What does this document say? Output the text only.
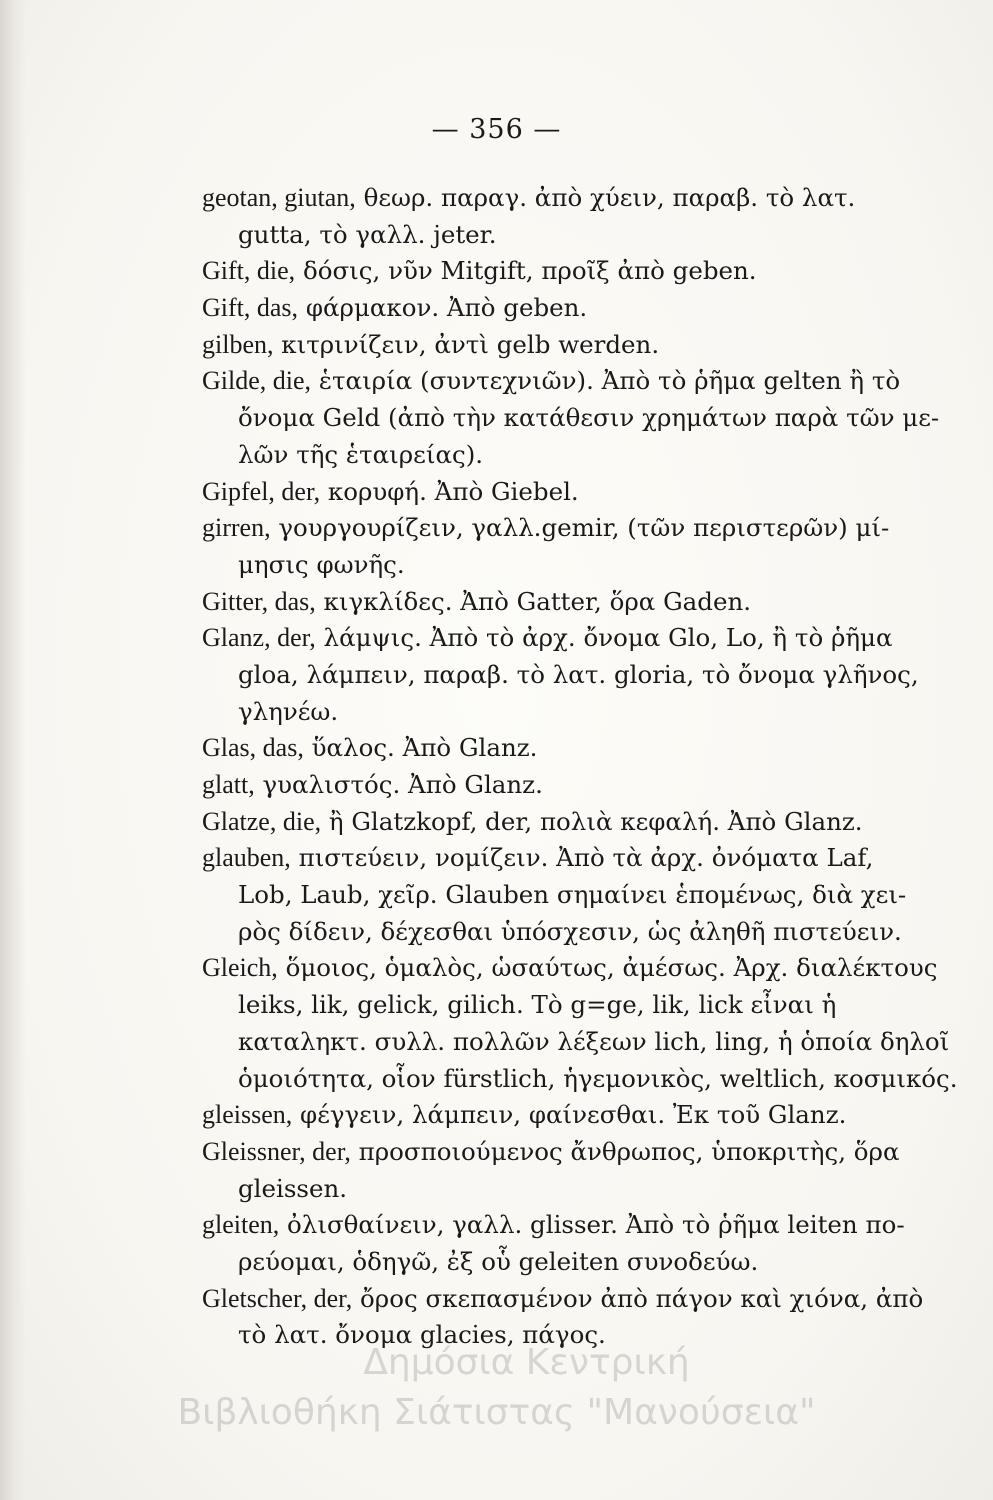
— 356 —
geotan, giutan, θεωρ. παραγ. ἀπὸ χύειν, παραβ. τὸ λατ.
gutta, τὸ γαλλ. jeter.
Gift, die, δόσις, νῦν Mitgift, προῖξ ἀπὸ geben.
Gift, das, φάρμακον. Ἀπὸ geben.
gilben, κιτρινίζειν, ἀντὶ gelb werden.
Gilde, die, ἑταιρία (συντεχνιῶν). Ἀπὸ τὸ ῥῆμα gelten ἢ τὸ
ὄνομα Geld (ἀπὸ τὴν κατάθεσιν χρημάτων παρὰ τῶν με-
λῶν τῆς ἑταιρείας).
Gipfel, der, κορυφή. Ἀπὸ Giebel.
girren, γουργουρίζειν, γαλλ.gemir, (τῶν περιστερῶν) μί-
μησις φωνῆς.
Gitter, das, κιγκλίδες. Ἀπὸ Gatter, ὅρα Gaden.
Glanz, der, λάμψις. Ἀπὸ τὸ ἀρχ. ὄνομα Glo, Lo, ἢ τὸ ῥῆμα
gloa, λάμπειν, παραβ. τὸ λατ. gloria, τὸ ὄνομα γλῆνος,
γληνέω.
Glas, das, ὕαλος. Ἀπὸ Glanz.
glatt, γυαλιστός. Ἀπὸ Glanz.
Glatze, die, ἢ Glatzkopf, der, πολιὰ κεφαλή. Ἀπὸ Glanz.
glauben, πιστεύειν, νομίζειν. Ἀπὸ τὰ ἀρχ. ὀνόματα Laf,
Lob, Laub, χεῖρ. Glauben σημαίνει ἑπομένως, διὰ χει-
ρὸς δίδειν, δέχεσθαι ὑπόσχεσιν, ὡς ἀληθῆ πιστεύειν.
Gleich, ὅμοιος, ὁμαλὸς, ὡσαύτως, ἀμέσως. Ἀρχ. διαλέκτους
leiks, lik, gelick, gilich. Τὸ g=ge, lik, lick εἶναι ἡ
καταληκτ. συλλ. πολλῶν λέξεων lich, ling, ἡ ὁποία δηλοῖ
ὁμοιότητα, οἷον fürstlich, ἡγεμονικὸς, weltlich, κοσμικός.
gleissen, φέγγειν, λάμπειν, φαίνεσθαι. Ἐκ τοῦ Glanz.
Gleissner, der, προσποιούμενος ἄνθρωπος, ὑποκριτὴς, ὅρα
gleissen.
gleiten, ὀλισθαίνειν, γαλλ. glisser. Ἀπὸ τὸ ῥῆμα leiten πο-
ρεύομαι, ὁδηγῶ, ἐξ οὗ geleiten συνοδεύω.
Gletscher, der, ὄρος σκεπασμένον ἀπὸ πάγον καὶ χιόνα, ἀπὸ
τὸ λατ. ὄνομα glacies, πάγος.
Δημόσια Κεντρική
Βιβλιοθήκη Σιάτιστας "Μανούσεια"
